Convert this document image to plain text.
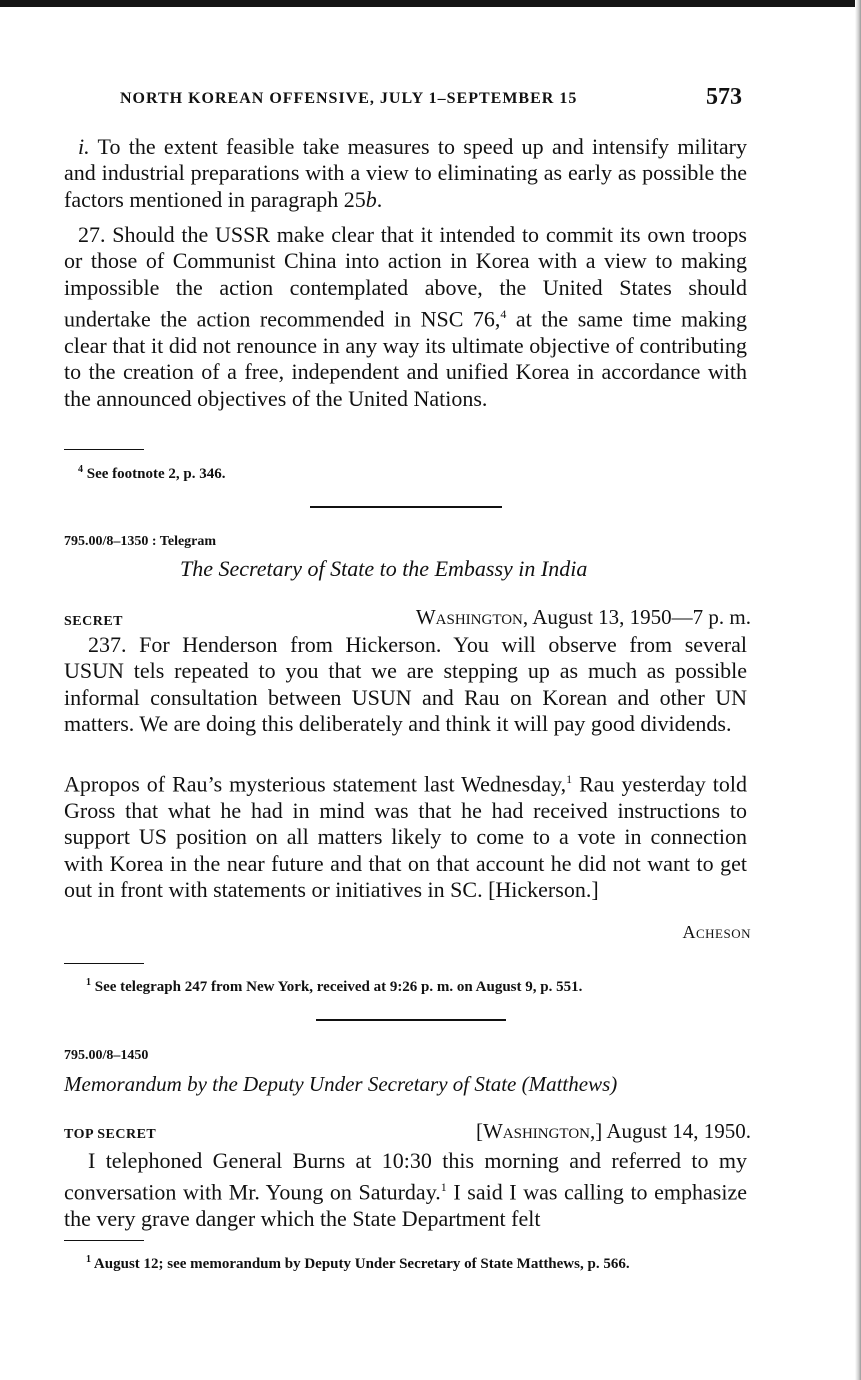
NORTH KOREAN OFFENSIVE, JULY 1–SEPTEMBER 15	573

i. To the extent feasible take measures to speed up and intensify military and industrial preparations with a view to eliminating as early as possible the factors mentioned in paragraph 25b.

27. Should the USSR make clear that it intended to commit its own troops or those of Communist China into action in Korea with a view to making impossible the action contemplated above, the United States should undertake the action recommended in NSC 76,$^4$ at the same time making clear that it did not renounce in any way its ultimate objective of contributing to the creation of a free, independent and unified Korea in accordance with the announced objectives of the United Nations.

$^4$ See footnote 2, p. 346.

795.00/8–1350 : Telegram
The Secretary of State to the Embassy in India
SECRET	Washington, August 13, 1950—7 p. m.

237. For Henderson from Hickerson. You will observe from several USUN tels repeated to you that we are stepping up as much as possible informal consultation between USUN and Rau on Korean and other UN matters. We are doing this deliberately and think it will pay good dividends.

Apropos of Rau’s mysterious statement last Wednesday,$^1$ Rau yesterday told Gross that what he had in mind was that he had received instructions to support US position on all matters likely to come to a vote in connection with Korea in the near future and that on that account he did not want to get out in front with statements or initiatives in SC. [Hickerson.]

Acheson

$^1$ See telegraph 247 from New York, received at 9:26 p. m. on August 9, p. 551.

795.00/8–1450
Memorandum by the Deputy Under Secretary of State (Matthews)
TOP SECRET	[Washington,] August 14, 1950.

I telephoned General Burns at 10:30 this morning and referred to my conversation with Mr. Young on Saturday.$^1$ I said I was calling to emphasize the very grave danger which the State Department felt

$^1$ August 12; see memorandum by Deputy Under Secretary of State Matthews, p. 566.
